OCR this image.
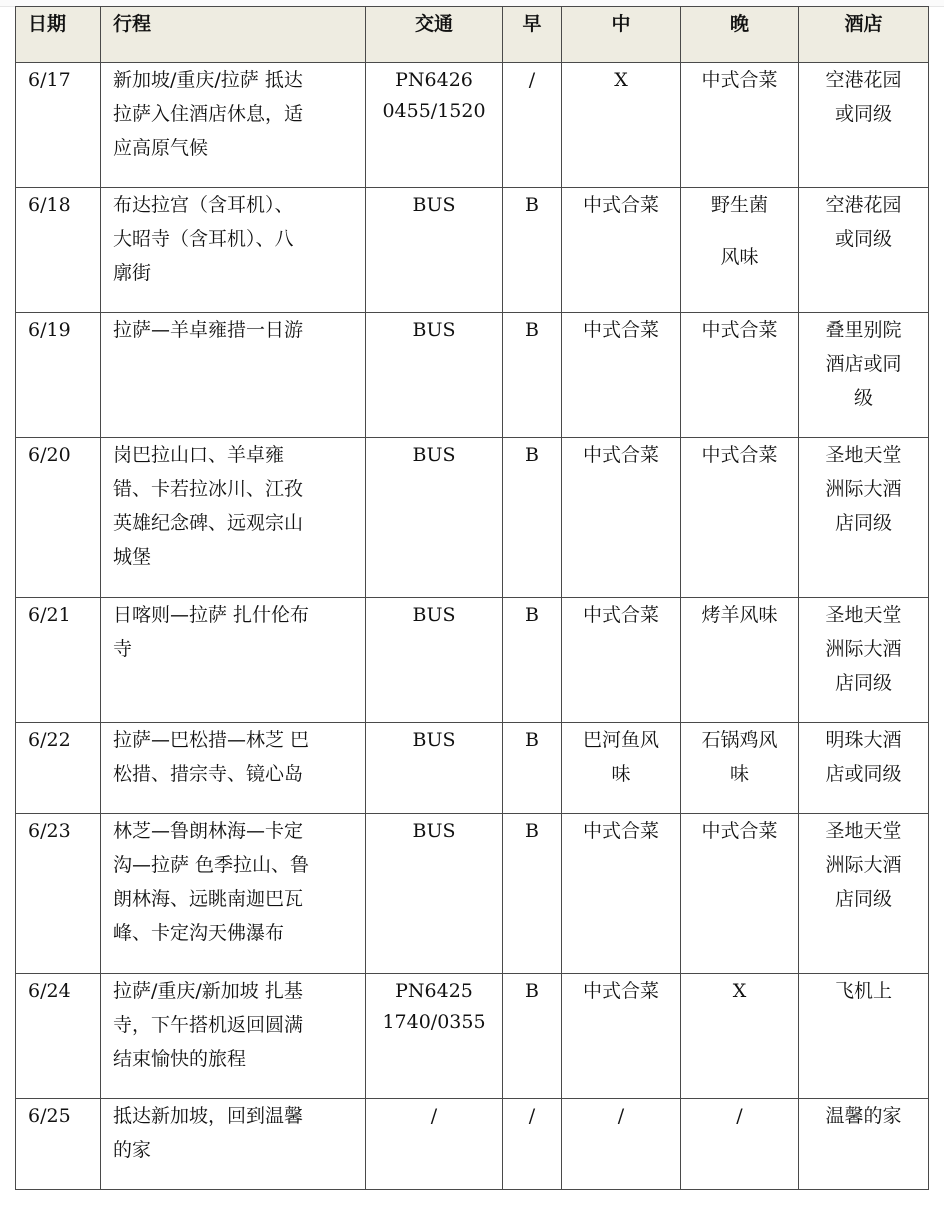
日期	行程	交通	早	中	晚	酒店
6/17	新加坡/重庆/拉萨 抵达
拉萨入住酒店休息，适
应高原气候	PN6426
0455/1520	/	X	中式合菜	空港花园
或同级

6/18	布达拉宫（含耳机）、
大昭寺（含耳机）、八
廓街	BUS	B	中式合菜	野生菌
风味	空港花园
或同级

6/19	拉萨—羊卓雍措一日游	BUS	B	中式合菜	中式合菜	叠里别院
酒店或同
级

6/20	岗巴拉山口、羊卓雍
错、卡若拉冰川、江孜
英雄纪念碑、远观宗山
城堡	BUS	B	中式合菜	中式合菜	圣地天堂
洲际大酒
店同级

6/21	日喀则—拉萨 扎什伦布
寺	BUS	B	中式合菜	烤羊风味	圣地天堂
洲际大酒
店同级

6/22	拉萨—巴松措—林芝 巴
松措、措宗寺、镜心岛	BUS	B	巴河鱼风
味	石锅鸡风
味	明珠大酒
店或同级

6/23	林芝—鲁朗林海—卡定
沟—拉萨 色季拉山、鲁
朗林海、远眺南迦巴瓦
峰、卡定沟天佛瀑布	BUS	B	中式合菜	中式合菜	圣地天堂
洲际大酒
店同级

6/24	拉萨/重庆/新加坡 扎基
寺，下午搭机返回圆满
结束愉快的旅程	PN6425
1740/0355	B	中式合菜	X	飞机上

6/25	抵达新加坡，回到温馨
的家	/	/	/	/	温馨的家
